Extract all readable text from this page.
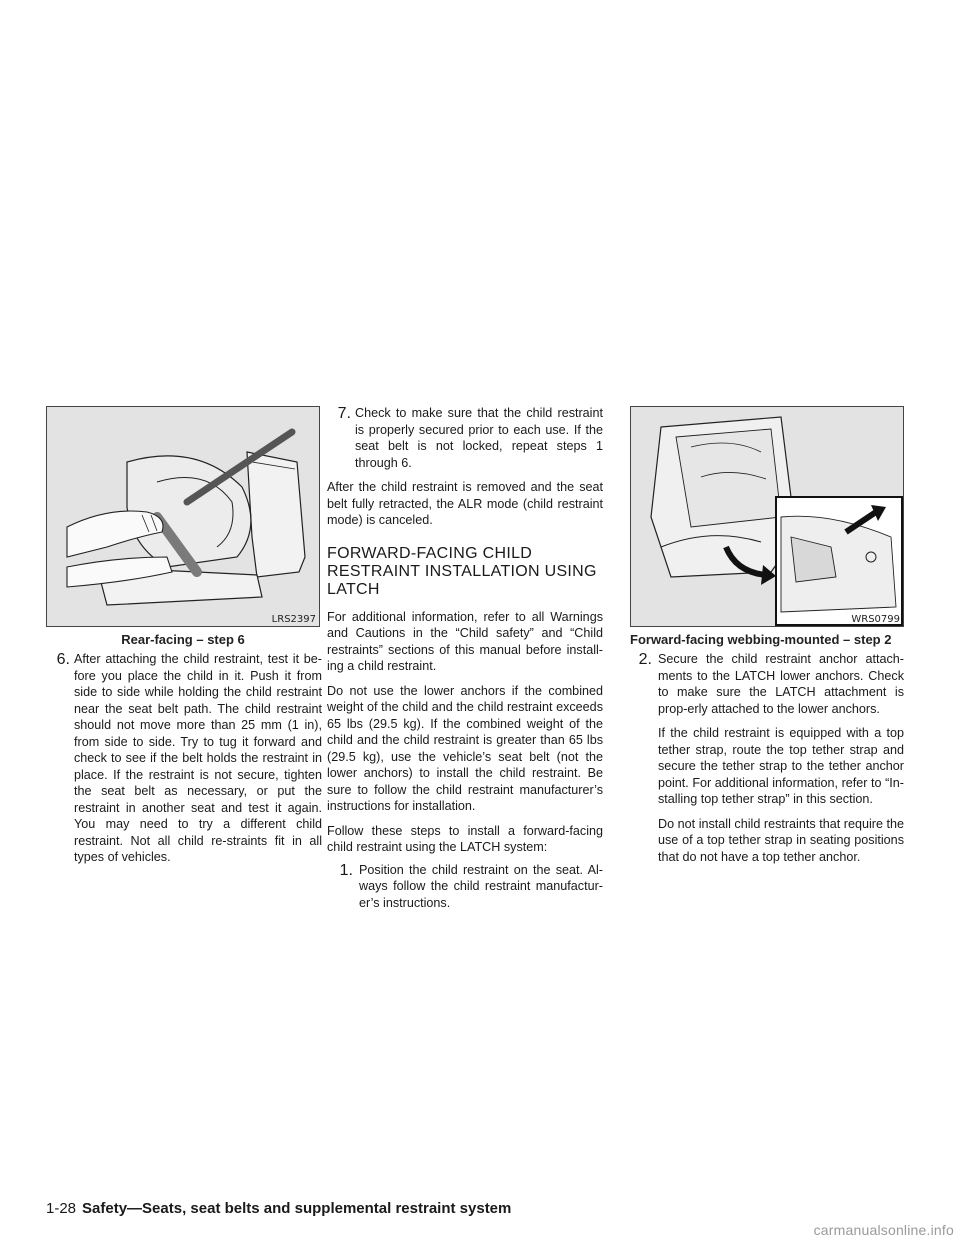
LRS2397
Rear-facing – step 6
WRS0799
Forward-facing webbing-mounted – step 2
6. After attaching the child restraint, test it be-fore you place the child in it. Push it from side to side while holding the child restraint near the seat belt path. The child restraint should not move more than 25 mm (1 in), from side to side. Try to tug it forward and check to see if the belt holds the restraint in place. If the restraint is not secure, tighten the seat belt as necessary, or put the restraint in another seat and test it again. You may need to try a different child restraint. Not all child re-straints fit in all types of vehicles.

7. Check to make sure that the child restraint is properly secured prior to each use. If the seat belt is not locked, repeat steps 1 through 6.

After the child restraint is removed and the seat belt fully retracted, the ALR mode (child restraint mode) is canceled.

FORWARD-FACING CHILD RESTRAINT INSTALLATION USING LATCH

For additional information, refer to all Warnings and Cautions in the “Child safety” and “Child restraints” sections of this manual before install-ing a child restraint.

Do not use the lower anchors if the combined weight of the child and the child restraint exceeds 65 lbs (29.5 kg). If the combined weight of the child and the child restraint is greater than 65 lbs (29.5 kg), use the vehicle’s seat belt (not the lower anchors) to install the child restraint. Be sure to follow the child restraint manufacturer’s instructions for installation.

Follow these steps to install a forward-facing child restraint using the LATCH system:

1. Position the child restraint on the seat. Al-ways follow the child restraint manufactur-er’s instructions.

2. Secure the child restraint anchor attach-ments to the LATCH lower anchors. Check to make sure the LATCH attachment is prop-erly attached to the lower anchors.

If the child restraint is equipped with a top tether strap, route the top tether strap and secure the tether strap to the tether anchor point. For additional information, refer to “In-stalling top tether strap” in this section.

Do not install child restraints that require the use of a top tether strap in seating positions that do not have a top tether anchor.

1-28 Safety—Seats, seat belts and supplemental restraint system
carmanualsonline.info
